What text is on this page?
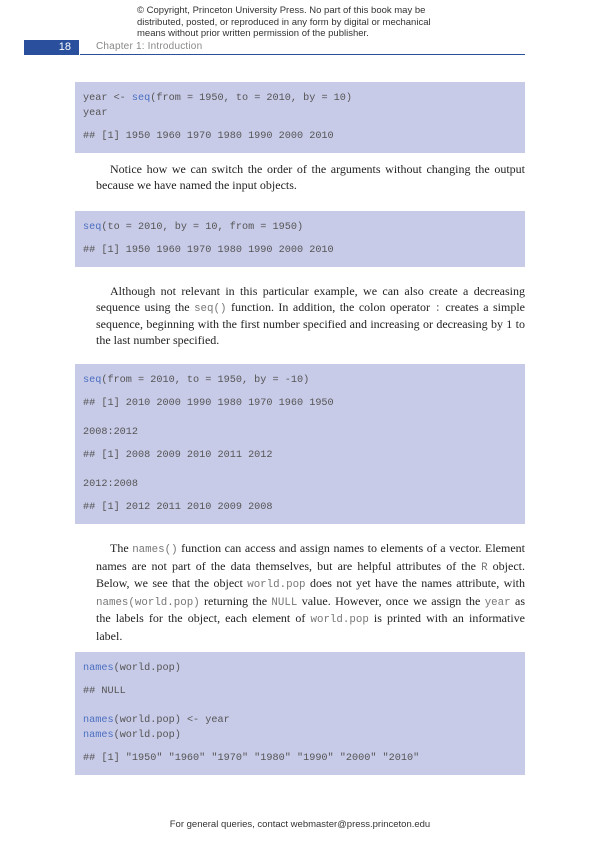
© Copyright, Princeton University Press. No part of this book may be
distributed, posted, or reproduced in any form by digital or mechanical
means without prior written permission of the publisher.
18	Chapter 1: Introduction
year <- seq(from = 1950, to = 2010, by = 10)
year
## [1] 1950 1960 1970 1980 1990 2000 2010
Notice how we can switch the order of the arguments without changing the output because we have named the input objects.
seq(to = 2010, by = 10, from = 1950)
## [1] 1950 1960 1970 1980 1990 2000 2010
Although not relevant in this particular example, we can also create a decreasing sequence using the seq() function. In addition, the colon operator : creates a simple sequence, beginning with the first number specified and increasing or decreasing by 1 to the last number specified.
seq(from = 2010, to = 1950, by = -10)
## [1] 2010 2000 1990 1980 1970 1960 1950
2008:2012
## [1] 2008 2009 2010 2011 2012
2012:2008
## [1] 2012 2011 2010 2009 2008
The names() function can access and assign names to elements of a vector. Element names are not part of the data themselves, but are helpful attributes of the R object. Below, we see that the object world.pop does not yet have the names attribute, with names(world.pop) returning the NULL value. However, once we assign the year as the labels for the object, each element of world.pop is printed with an informative label.
names(world.pop)
## NULL
names(world.pop) <- year
names(world.pop)
## [1] "1950" "1960" "1970" "1980" "1990" "2000" "2010"
For general queries, contact webmaster@press.princeton.edu
